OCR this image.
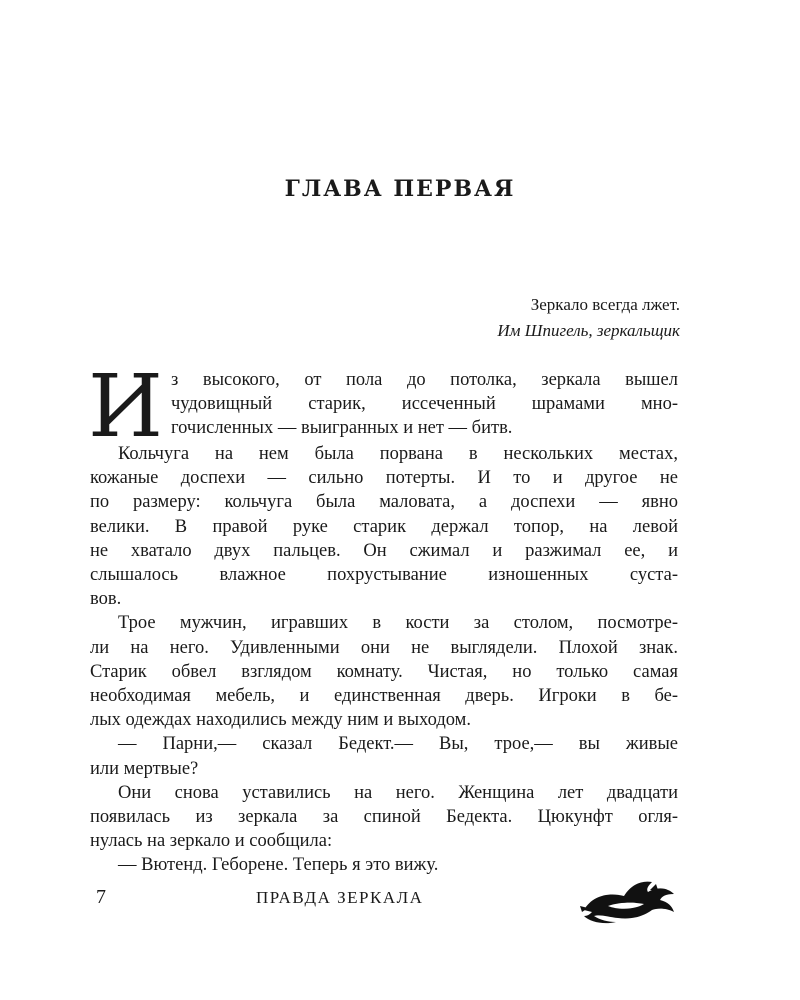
ГЛАВА ПЕРВАЯ
Зеркало всегда лжет.
Им Шпигель, зеркальщик
И з высокого, от пола до потолка, зеркала вышел
чудовищный старик, иссеченный шрамами мно-
гочисленных — выигранных и нет — битв.
Кольчуга на нем была порвана в нескольких местах,
кожаные доспехи — сильно потерты. И то и другое не
по размеру: кольчуга была маловата, а доспехи — явно
велики. В правой руке старик держал топор, на левой
не хватало двух пальцев. Он сжимал и разжимал ее, и
слышалось влажное похрустывание изношенных суста-
вов.
Трое мужчин, игравших в кости за столом, посмотре-
ли на него. Удивленными они не выглядели. Плохой знак.
Старик обвел взглядом комнату. Чистая, но только самая
необходимая мебель, и единственная дверь. Игроки в бе-
лых одеждах находились между ним и выходом.
— Парни,— сказал Бедект.— Вы, трое,— вы живые
или мертвые?
Они снова уставились на него. Женщина лет двадцати
появилась из зеркала за спиной Бедекта. Цюкунфт огля-
нулась на зеркало и сообщила:
— Вютенд. Геборене. Теперь я это вижу.
7	ПРАВДА ЗЕРКАЛА
